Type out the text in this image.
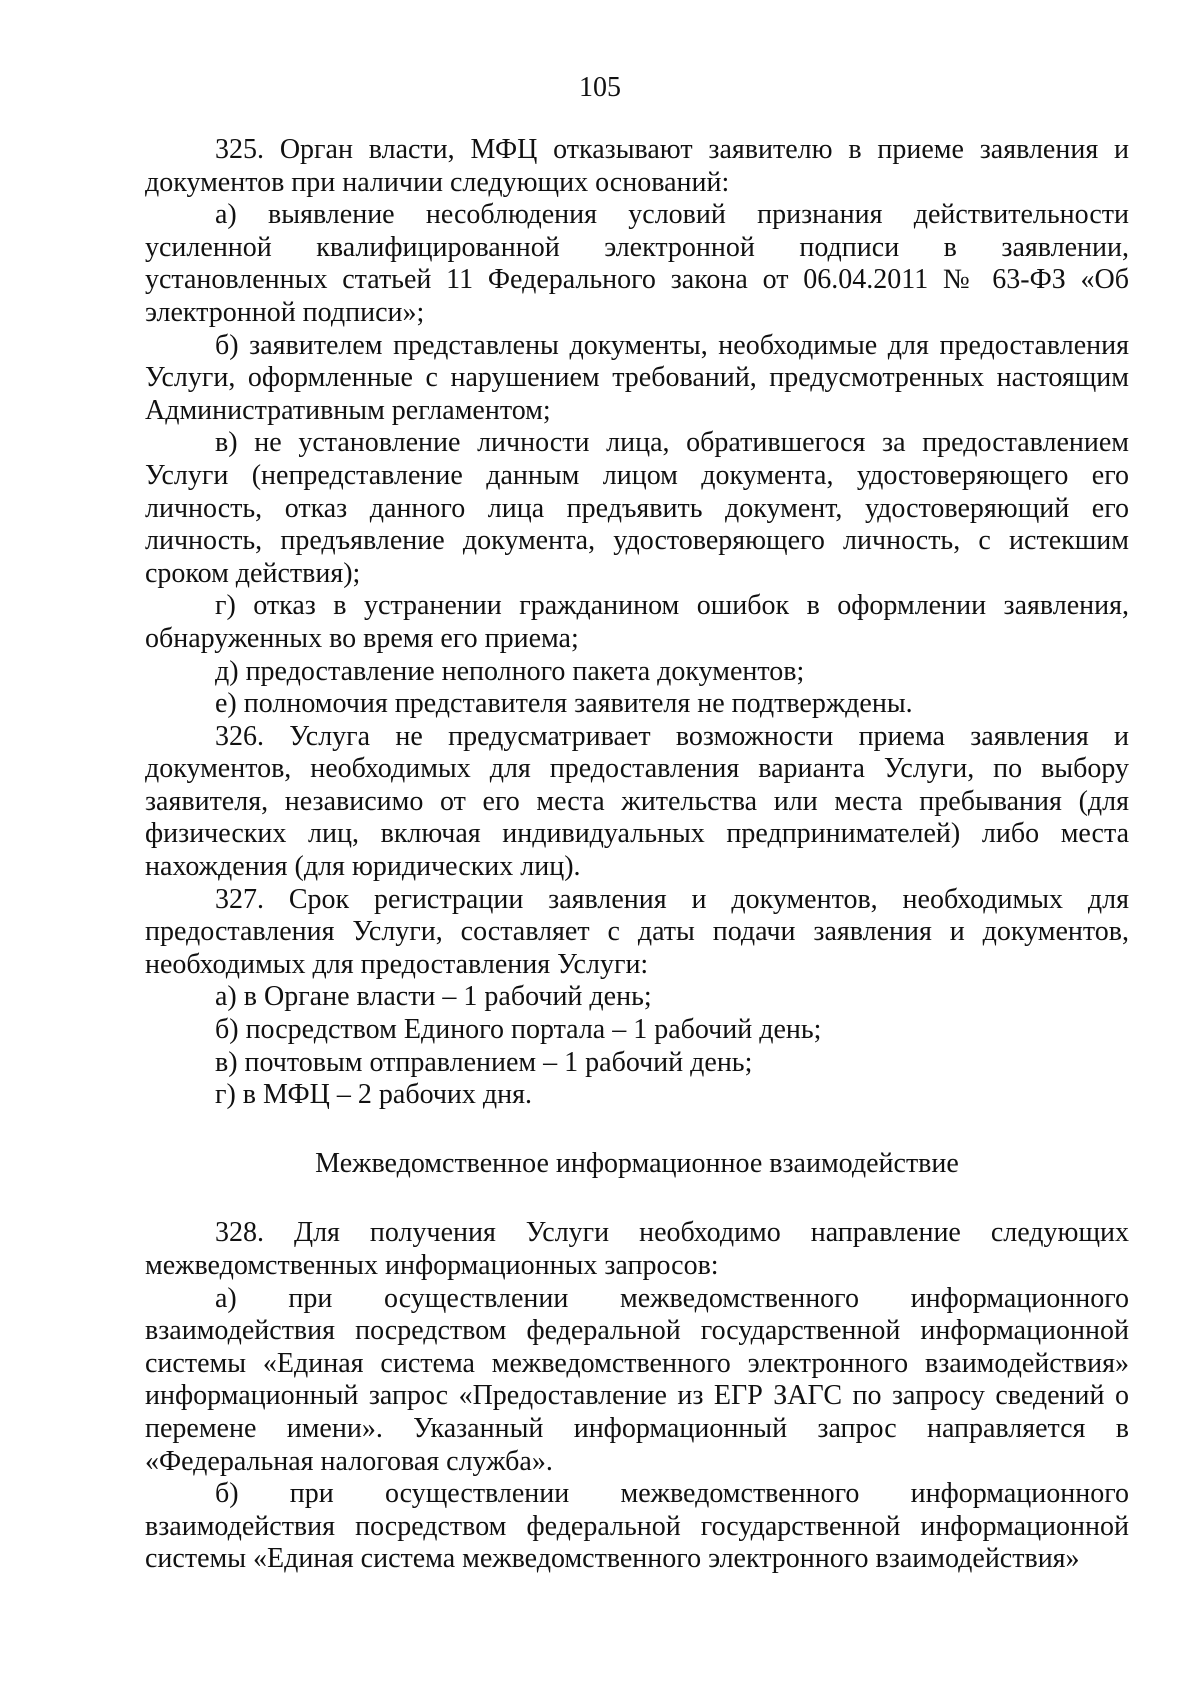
105

325. Орган власти, МФЦ отказывают заявителю в приеме заявления и документов при наличии следующих оснований:

а) выявление несоблюдения условий признания действительности усиленной квалифицированной электронной подписи в заявлении, установленных статьей 11 Федерального закона от 06.04.2011 № 63-ФЗ «Об электронной подписи»;

б) заявителем представлены документы, необходимые для предоставления Услуги, оформленные с нарушением требований, предусмотренных настоящим Административным регламентом;

в) не установление личности лица, обратившегося за предоставлением Услуги (непредставление данным лицом документа, удостоверяющего его личность, отказ данного лица предъявить документ, удостоверяющий его личность, предъявление документа, удостоверяющего личность, с истекшим сроком действия);

г) отказ в устранении гражданином ошибок в оформлении заявления, обнаруженных во время его приема;

д) предоставление неполного пакета документов;

е) полномочия представителя заявителя не подтверждены.

326. Услуга не предусматривает возможности приема заявления и документов, необходимых для предоставления варианта Услуги, по выбору заявителя, независимо от его места жительства или места пребывания (для физических лиц, включая индивидуальных предпринимателей) либо места нахождения (для юридических лиц).

327. Срок регистрации заявления и документов, необходимых для предоставления Услуги, составляет с даты подачи заявления и документов, необходимых для предоставления Услуги:

а) в Органе власти – 1 рабочий день;

б) посредством Единого портала – 1 рабочий день;

в) почтовым отправлением – 1 рабочий день;

г) в МФЦ – 2 рабочих дня.

Межведомственное информационное взаимодействие

328. Для получения Услуги необходимо направление следующих межведомственных информационных запросов:

а) при осуществлении межведомственного информационного взаимодействия посредством федеральной государственной информационной системы «Единая система межведомственного электронного взаимодействия» информационный запрос «Предоставление из ЕГР ЗАГС по запросу сведений о перемене имени». Указанный информационный запрос направляется в «Федеральная налоговая служба».

б) при осуществлении межведомственного информационного взаимодействия посредством федеральной государственной информационной системы «Единая система межведомственного электронного взаимодействия»
